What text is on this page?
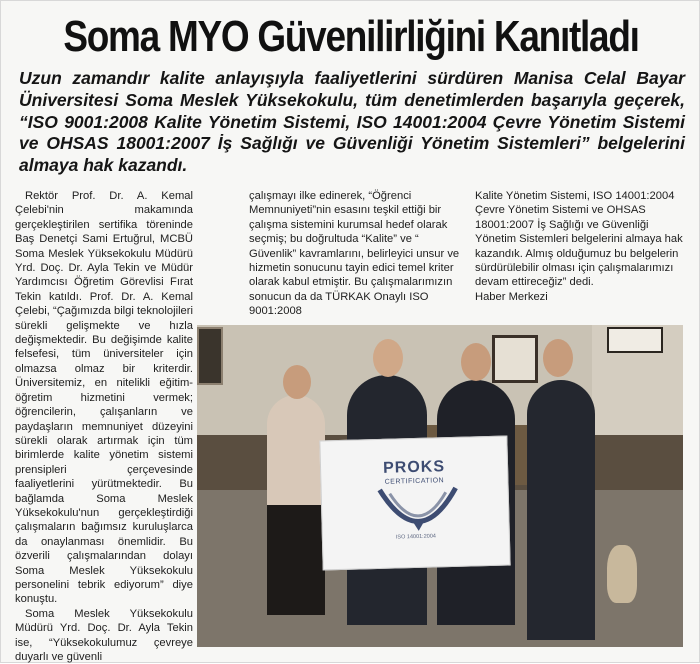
Soma MYO Güvenilirliğini Kanıtladı
Uzun zamandır kalite anlayışıyla faaliyetlerini sürdüren Manisa Celal Bayar Üniversitesi Soma Meslek Yüksekokulu, tüm denetimlerden başarıyla geçerek, “ISO 9001:2008 Kalite Yönetim Sistemi, ISO 14001:2004 Çevre Yönetim Sistemi ve OHSAS 18001:2007 İş Sağlığı ve Güvenliği Yönetim Sistemleri” belgelerini almaya hak kazandı.

Rektör Prof. Dr. A. Kemal Çelebi'nin makamında gerçekleştirilen sertifika töreninde Baş Denetçi Sami Ertuğrul, MCBÜ Soma Meslek Yüksekokulu Müdürü Yrd. Doç. Dr. Ayla Tekin ve Müdür Yardımcısı Öğretim Görevlisi Fırat Tekin katıldı. Prof. Dr. A. Kemal Çelebi, “Çağımızda bilgi teknolojileri sürekli gelişmekte ve hızla değişmektedir. Bu değişimde kalite felsefesi, tüm üniversiteler için olmazsa olmaz bir kriterdir. Üniversitemiz, en nitelikli eğitim-öğretim hizmetini vermek; öğrencilerin, çalışanların ve paydaşların memnuniyet düzeyini sürekli olarak artırmak için tüm birimlerde kalite yönetim sistemi prensipleri çerçevesinde faaliyetlerini yürütmektedir. Bu bağlamda Soma Meslek Yüksekokulu'nun gerçekleştirdiği çalışmaların bağımsız kuruluşlarca da onaylanması önemlidir. Bu özverili çalışmalarından dolayı Soma Meslek Yüksekokulu personelini tebrik ediyorum” diye konuştu.

Soma Meslek Yüksekokulu Müdürü Yrd. Doç. Dr. Ayla Tekin ise, “Yüksekokulumuz çevreye duyarlı ve güvenli

çalışmayı ilke edinerek, “Öğrenci Memnuniyeti”nin esasını teşkil ettiği bir çalışma sistemini kurumsal hedef olarak seçmiş; bu doğrultuda “Kalite” ve “ Güvenlik” kavramlarını, belirleyici unsur ve hizmetin sonucunu tayin edici temel kriter olarak kabul etmiştir. Bu çalışmalarımızın sonucun da da TÜRKAK Onaylı ISO 9001:2008

Kalite Yönetim Sistemi, ISO 14001:2004 Çevre Yönetim Sistemi ve OHSAS 18001:2007 İş Sağlığı ve Güvenliği Yönetim Sistemleri belgelerini almaya hak kazandık. Almış olduğumuz bu belgelerin sürdürülebilir olması için çalışmalarımızı devam ettireceğiz” dedi.

Haber Merkezi

PROKS
CERTIFICATION
ISO 14001:2004
